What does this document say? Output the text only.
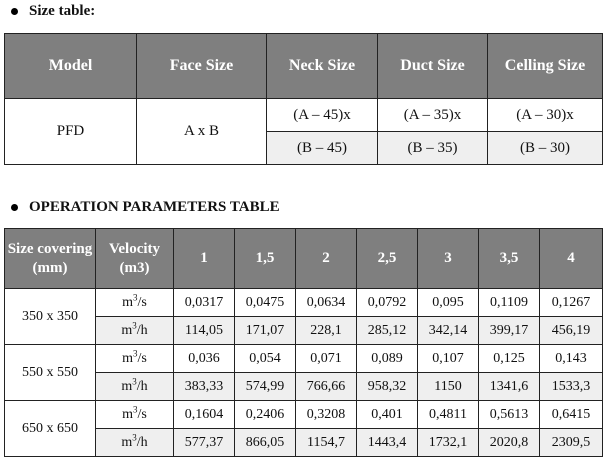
Size table:
Model	Face Size	Neck Size	Duct Size	Celling Size
PFD	A x B	(A – 45)x	(A – 35)x	(A – 30)x
		(B – 45)	(B – 35)	(B – 30)
OPERATION PARAMETERS TABLE
Size covering (mm)	Velocity (m3)	1	1,5	2	2,5	3	3,5	4
350 x 350	$m^3/s$	0,0317	0,0475	0,0634	0,0792	0,095	0,1109	0,1267
	$m^3/h$	114,05	171,07	228,1	285,12	342,14	399,17	456,19
550 x 550	$m^3/s$	0,036	0,054	0,071	0,089	0,107	0,125	0,143
	$m^3/h$	383,33	574,99	766,66	958,32	1150	1341,6	1533,3
650 x 650	$m^3/s$	0,1604	0,2406	0,3208	0,401	0,4811	0,5613	0,6415
	$m^3/h$	577,37	866,05	1154,7	1443,4	1732,1	2020,8	2309,5
